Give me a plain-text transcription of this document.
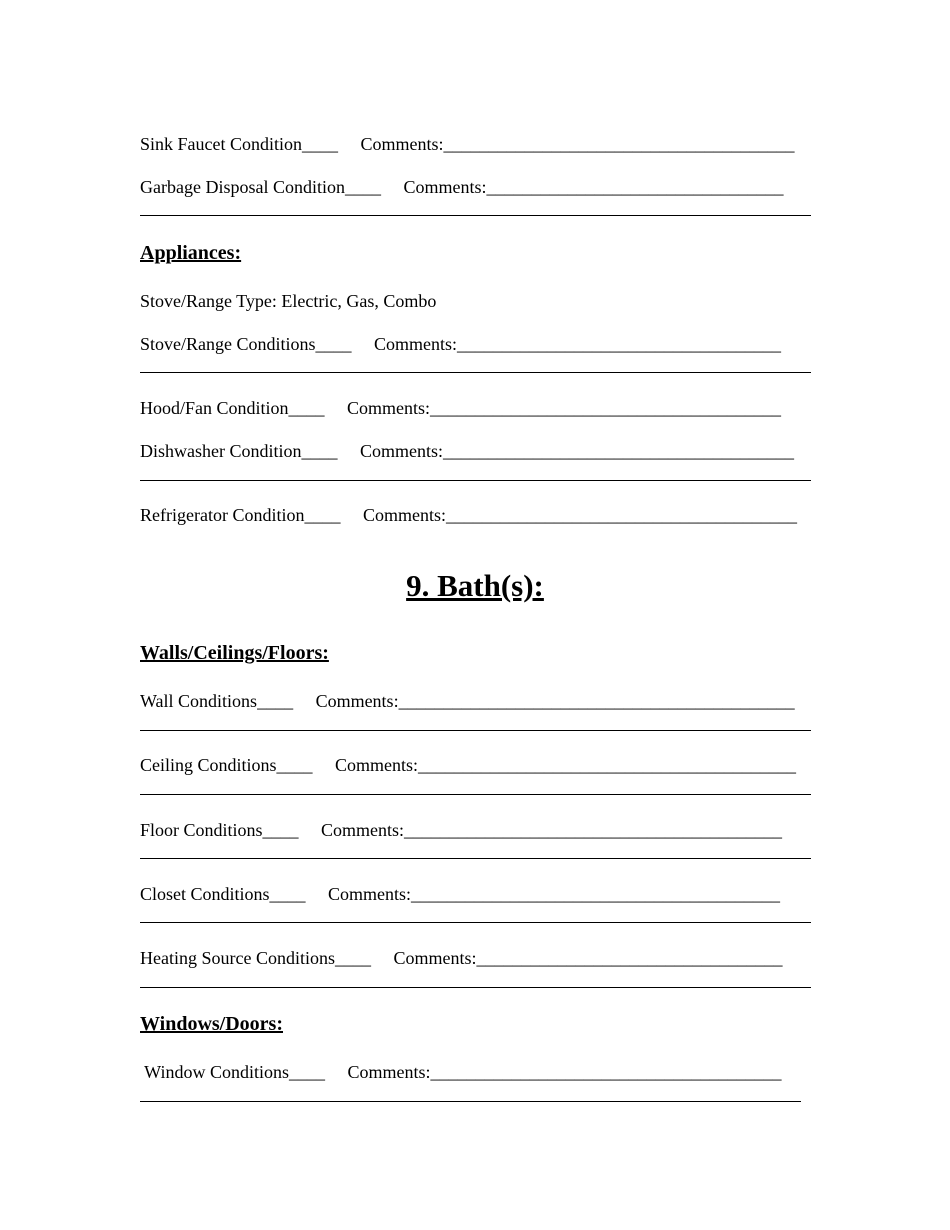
Sink Faucet Condition____ Comments:_______________________________________
Garbage Disposal Condition____ Comments:_________________________________
Appliances:
Stove/Range Type: Electric, Gas, Combo
Stove/Range Conditions____ Comments:____________________________________
Hood/Fan Condition____ Comments:_______________________________________
Dishwasher Condition____ Comments:_______________________________________
Refrigerator Condition____ Comments:_______________________________________
9. Bath(s):
Walls/Ceilings/Floors:
Wall Conditions____ Comments:____________________________________________
Ceiling Conditions____ Comments:__________________________________________
Floor Conditions____ Comments:__________________________________________
Closet Conditions____ Comments:_________________________________________
Heating Source Conditions____ Comments:__________________________________
Windows/Doors:
Window Conditions____ Comments:_______________________________________
